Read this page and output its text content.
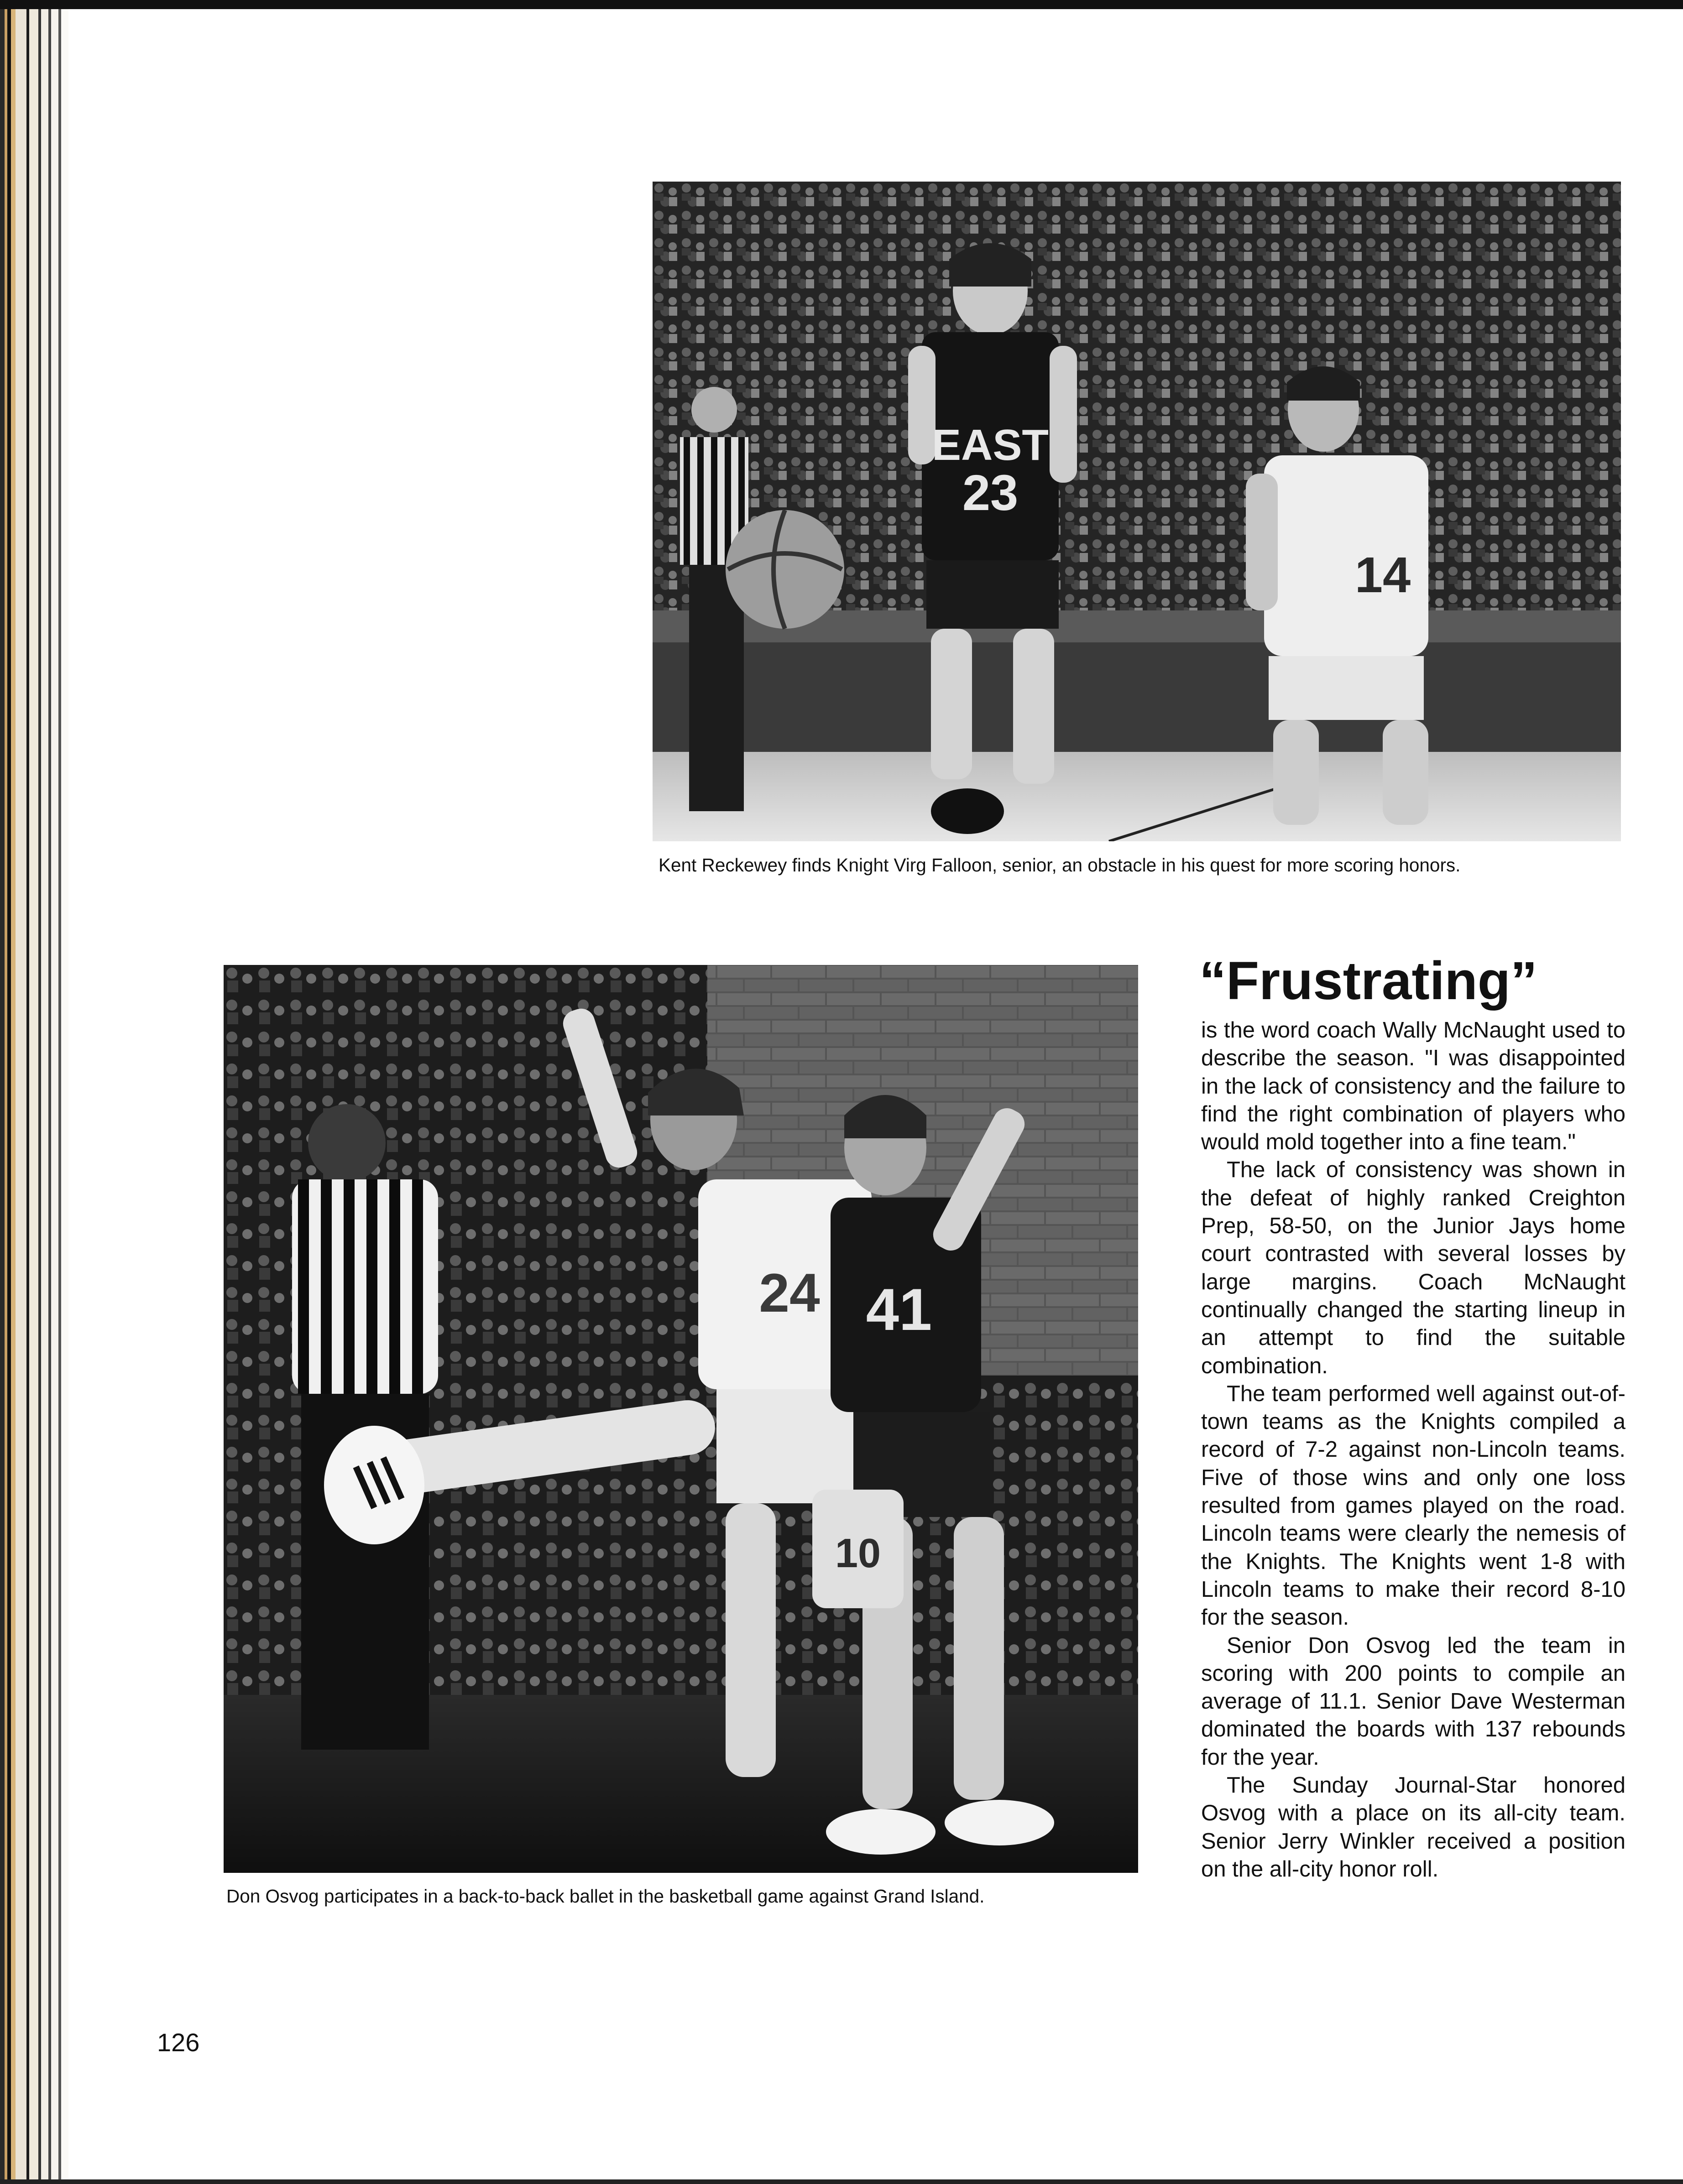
EAST
23
14

Kent Reckewey finds Knight Virg Falloon, senior, an obstacle in his quest for more scoring honors.

24 41
10

Don Osvog participates in a back-to-back ballet in the basketball game against Grand Island.

“Frustrating”

is the word coach Wally McNaught used to describe the season. "I was disappointed in the lack of consistency and the failure to find the right combination of players who would mold together into a fine team."

The lack of consistency was shown in the defeat of highly ranked Creighton Prep, 58-50, on the Junior Jays home court contrasted with several losses by large margins. Coach McNaught continually changed the starting lineup in an attempt to find the suitable combination.

The team performed well against out-of-town teams as the Knights compiled a record of 7-2 against non-Lincoln teams. Five of those wins and only one loss resulted from games played on the road. Lincoln teams were clearly the nemesis of the Knights. The Knights went 1-8 with Lincoln teams to make their record 8-10 for the season.

Senior Don Osvog led the team in scoring with 200 points to compile an average of 11.1. Senior Dave Westerman dominated the boards with 137 rebounds for the year.

The Sunday Journal-Star honored Osvog with a place on its all-city team. Senior Jerry Winkler received a position on the all-city honor roll.

126
